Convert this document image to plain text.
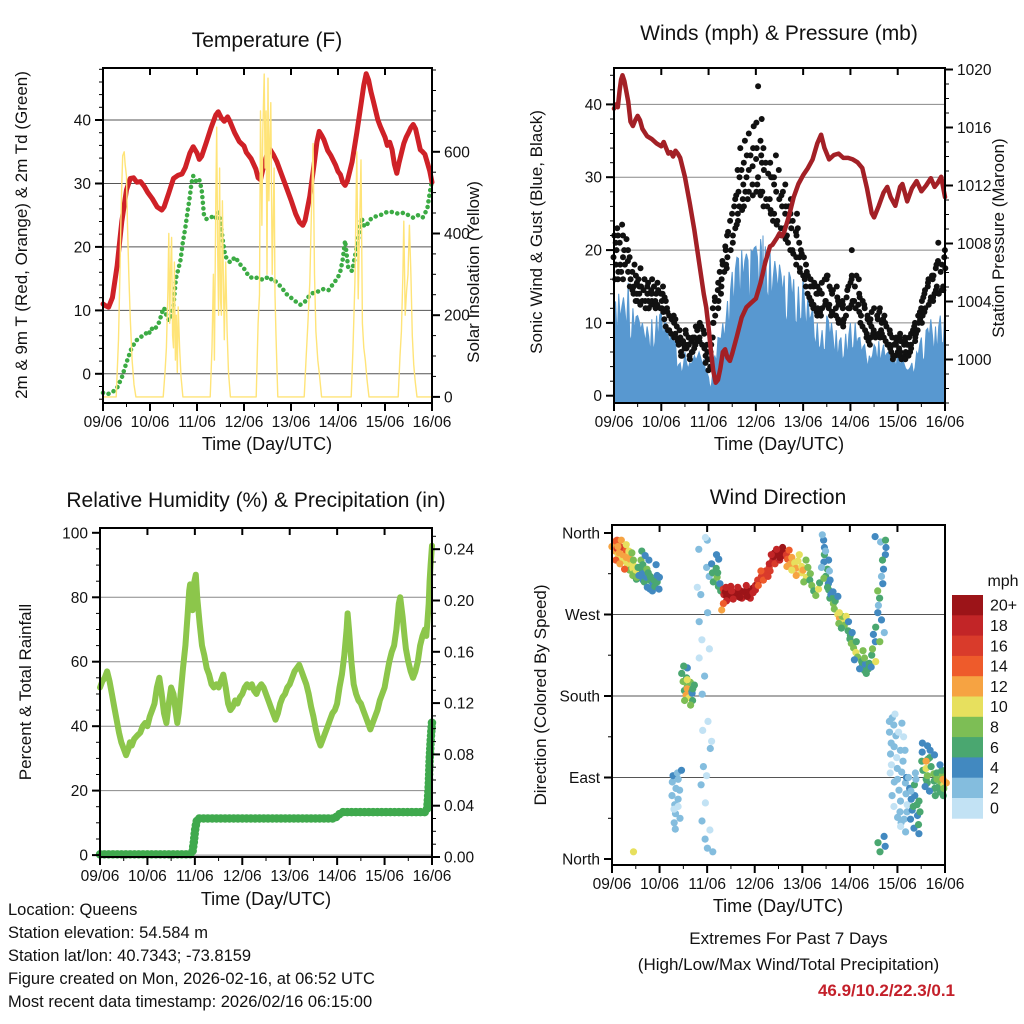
09/06 10/06 11/06 12/06 13/06 14/06 15/06 16/06
0
10
20
30
40
0
200
400
600
Temperature (F)
Time (Day/UTC)
2m & 9m T (Red, Orange) & 2m Td (Green)	Solar Insolation (Yellow)
09/06 10/06 11/06 12/06 13/06 14/06 15/06 16/06
0
10
20
30
40
1000
1004
1008
1012
1016
1020
Winds (mph) & Pressure (mb)
Time (Day/UTC)
Sonic Wind & Gust (Blue, Black)	Station Pressure (Maroon)
09/06 10/06 11/06 12/06 13/06 14/06 15/06 16/06
0
20
40
60
80
100
0.00
0.04
0.08
0.12
0.16
0.20
0.24
Relative Humidity (%) & Precipitation (in)
Time (Day/UTC)
Percent & Total Rainfall
09/06 10/06 11/06 12/06 13/06 14/06 15/06 16/06
North
West
South
East
North
Wind Direction
Time (Day/UTC)
Direction (Colored By Speed)
mph
20+
18
16
14
12
10
8
6
4
2
0
Location: Queens
Station elevation: 54.584 m
Station lat/lon: 40.7343; -73.8159
Figure created on Mon, 2026-02-16, at 06:52 UTC
Most recent data timestamp: 2026/02/16 06:15:00
Extremes For Past 7 Days
(High/Low/Max Wind/Total Precipitation)
46.9/10.2/22.3/0.1
